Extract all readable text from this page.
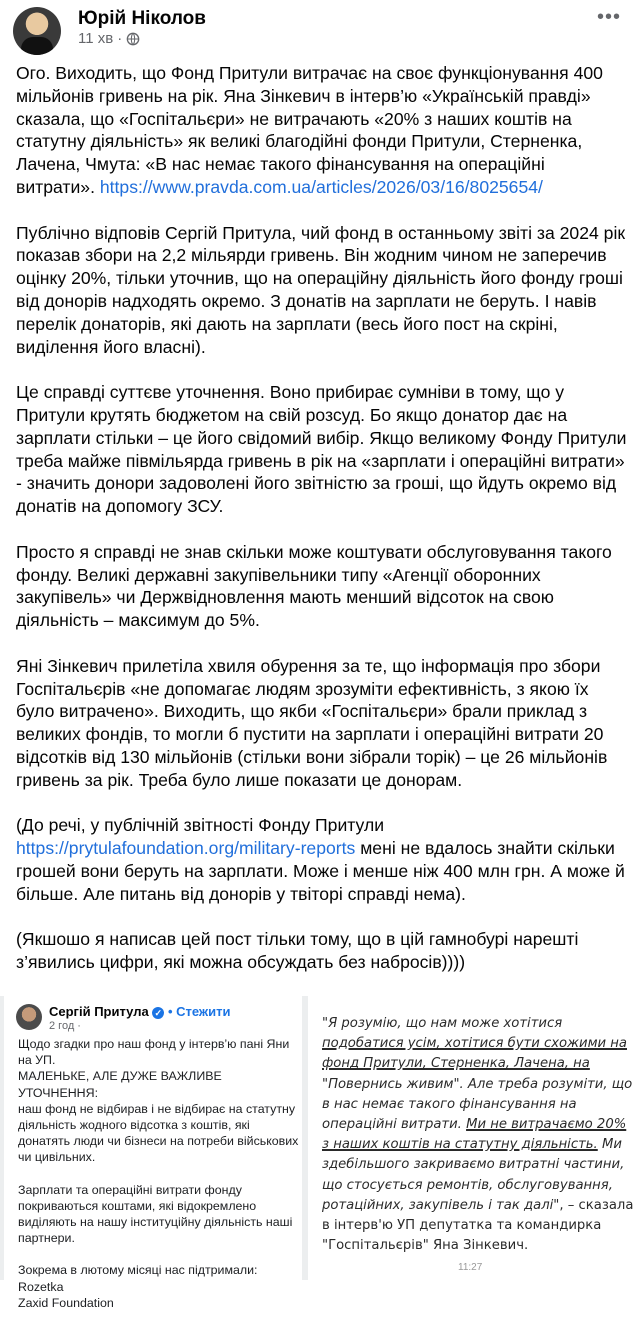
Юрій Ніколов
11 хв ·
•••

Ого. Виходить, що Фонд Притули витрачає на своє функціонування 400 мільйонів гривень на рік. Яна Зінкевич в інтерв’ю «Українській правді» сказала, що «Госпітальєри» не витрачають «20% з наших коштів на статутну діяльність» як великі благодійні фонди Притули, Стерненка, Лачена, Чмута: «В нас немає такого фінансування на операційні витрати». https://www.pravda.com.ua/articles/2026/03/16/8025654/

Публічно відповів Сергій Притула, чий фонд в останньому звіті за 2024 рік показав збори на 2,2 мільярди гривень. Він жодним чином не заперечив оцінку 20%, тільки уточнив, що на операційну діяльність його фонду гроші від донорів надходять окремо. З донатів на зарплати не беруть. І навів перелік донаторів, які дають на зарплати (весь його пост на скріні, виділення його власні).

Це справді суттєве уточнення. Воно прибирає сумніви в тому, що у Притули крутять бюджетом на свій розсуд. Бо якщо донатор дає на зарплати стільки – це його свідомий вибір. Якщо великому Фонду Притули треба майже півмільярда гривень в рік на «зарплати і операційні витрати» - значить донори задоволені його звітністю за гроші, що йдуть окремо від донатів на допомогу ЗСУ.

Просто я справді не знав скільки може коштувати обслуговування такого фонду. Великі державні закупівельники типу «Агенції оборонних закупівель» чи Держвідновлення мають менший відсоток на свою діяльність – максимум до 5%.

Яні Зінкевич прилетіла хвиля обурення за те, що інформація про збори Госпітальєрів «не допомагає людям зрозуміти ефективність, з якою їх було витрачено». Виходить, що якби «Госпітальєри» брали приклад з великих фондів, то могли б пустити на зарплати і операційні витрати 20 відсотків від 130 мільйонів (стільки вони зібрали торік) – це 26 мільйонів гривень за рік. Треба було лише показати це донорам.

(До речі, у публічній звітності Фонду Притули https://prytulafoundation.org/military-reports мені не вдалось знайти скільки грошей вони беруть на зарплати. Може і менше ніж 400 млн грн. А може й більше. Але питань від донорів у твіторі справді нема).

(Якшошо я написав цей пост тільки тому, що в цій гамнобурі нарешті з’явились цифри, які можна обсуждать без набросів))))

Сергій Притула ✓ • Стежити
2 год ·

Щодо згадки про наш фонд у інтерв’ю пані Яни на УП.
МАЛЕНЬКЕ, АЛЕ ДУЖЕ ВАЖЛИВЕ УТОЧНЕННЯ:
наш фонд не відбирав і не відбирає на статутну діяльність жодного відсотка з коштів, які донатять люди чи бізнеси на потреби військових чи цивільних.

Зарплати та операційні витрати фонду покриваються коштами, які відокремлено виділяють на нашу інституційну діяльність наші партнери.

Зокрема в лютому місяці нас підтримали:
Rozetka
Zaxid Foundation

"Я розумію, що нам може хотітися подобатися усім, хотітися бути схожими на фонд Притули, Стерненка, Лачена, на "Повернись живим". Але треба розуміти, що в нас немає такого фінансування на операційні витрати. Ми не витрачаємо 20% з наших коштів на статутну діяльність. Ми здебільшого закриваємо витратні частини, що стосується ремонтів, обслуговування, ротаційних, закупівель і так далі", – сказала в інтерв'ю УП депутатка та командирка "Госпітальєрів" Яна Зінкевич.
11:27
